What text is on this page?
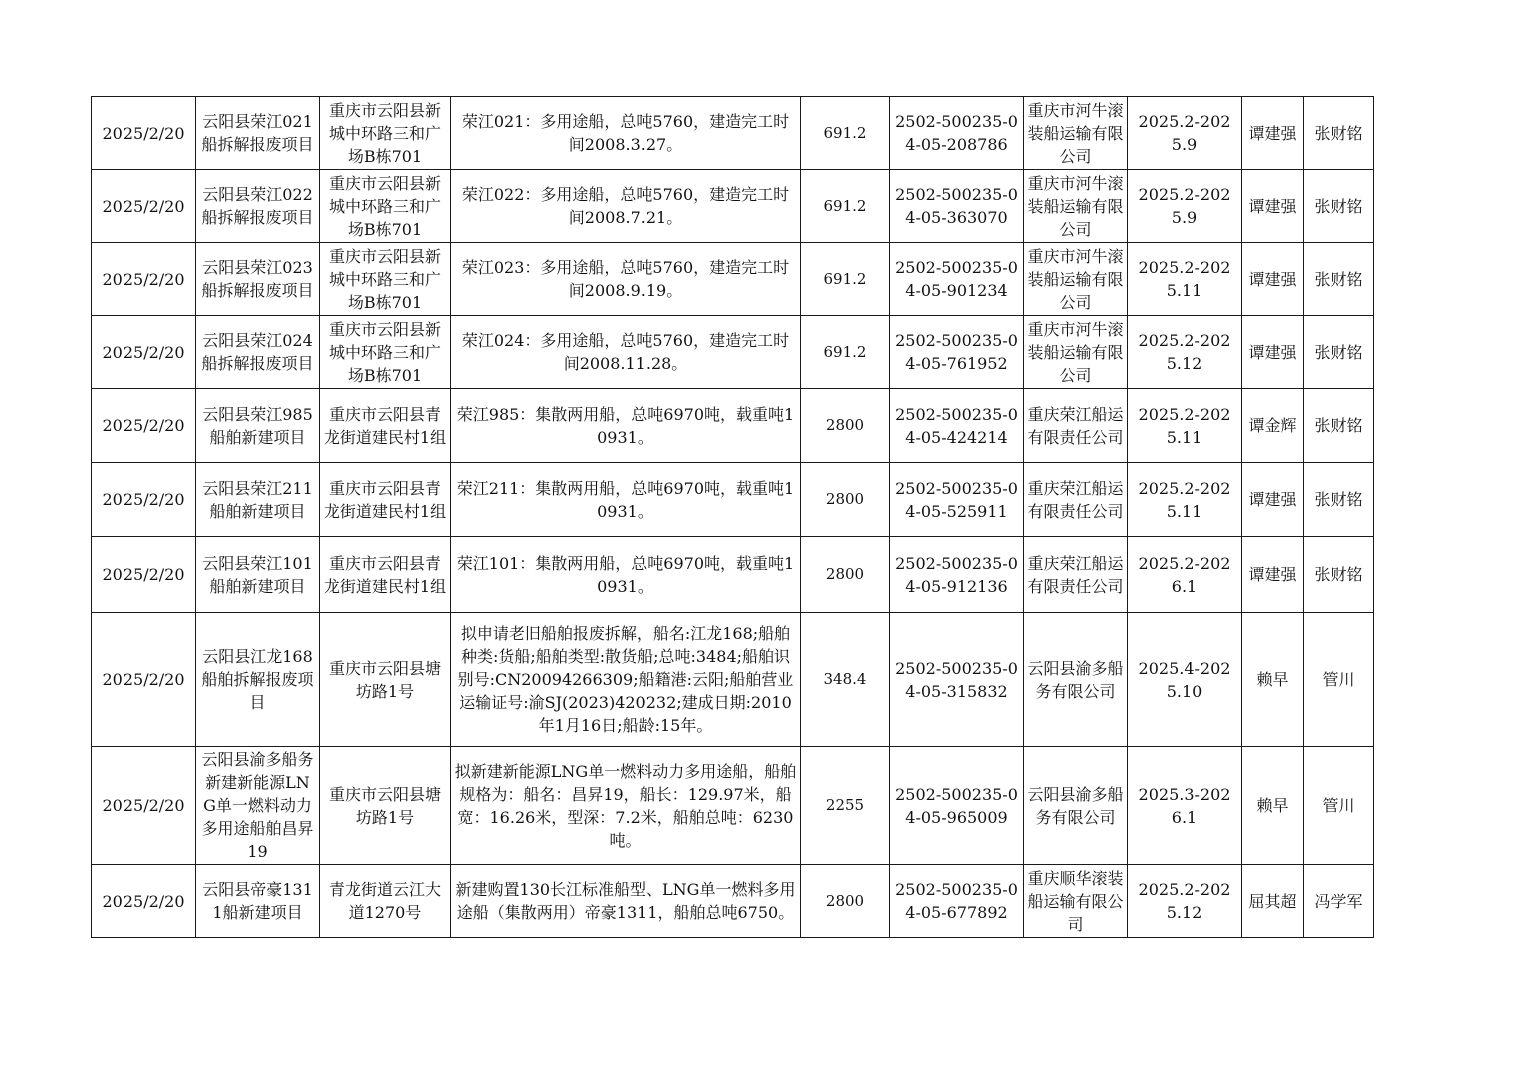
2025/2/20	云阳县荣江021船拆解报废项目	重庆市云阳县新城中环路三和广场B栋701	荣江021：多用途船，总吨5760，建造完工时间2008.3.27。	691.2	2502-500235-04-05-208786	重庆市河牛滚装船运输有限公司	2025.2-2025.9	谭建强	张财铭
2025/2/20	云阳县荣江022船拆解报废项目	重庆市云阳县新城中环路三和广场B栋701	荣江022：多用途船，总吨5760，建造完工时间2008.7.21。	691.2	2502-500235-04-05-363070	重庆市河牛滚装船运输有限公司	2025.2-2025.9	谭建强	张财铭
2025/2/20	云阳县荣江023船拆解报废项目	重庆市云阳县新城中环路三和广场B栋701	荣江023：多用途船，总吨5760，建造完工时间2008.9.19。	691.2	2502-500235-04-05-901234	重庆市河牛滚装船运输有限公司	2025.2-2025.11	谭建强	张财铭
2025/2/20	云阳县荣江024船拆解报废项目	重庆市云阳县新城中环路三和广场B栋701	荣江024：多用途船，总吨5760，建造完工时间2008.11.28。	691.2	2502-500235-04-05-761952	重庆市河牛滚装船运输有限公司	2025.2-2025.12	谭建强	张财铭
2025/2/20	云阳县荣江985船舶新建项目	重庆市云阳县青龙街道建民村1组	荣江985：集散两用船，总吨6970吨，载重吨10931。	2800	2502-500235-04-05-424214	重庆荣江船运有限责任公司	2025.2-2025.11	谭金辉	张财铭
2025/2/20	云阳县荣江211船舶新建项目	重庆市云阳县青龙街道建民村1组	荣江211：集散两用船，总吨6970吨，载重吨10931。	2800	2502-500235-04-05-525911	重庆荣江船运有限责任公司	2025.2-2025.11	谭建强	张财铭
2025/2/20	云阳县荣江101船舶新建项目	重庆市云阳县青龙街道建民村1组	荣江101：集散两用船，总吨6970吨，载重吨10931。	2800	2502-500235-04-05-912136	重庆荣江船运有限责任公司	2025.2-2026.1	谭建强	张财铭
2025/2/20	云阳县江龙168船舶拆解报废项目	重庆市云阳县塘坊路1号	拟申请老旧船舶报废拆解，船名:江龙168;船舶种类:货船;船舶类型:散货船;总吨:3484;船舶识别号:CN20094266309;船籍港:云阳;船舶营业运输证号:渝SJ(2023)420232;建成日期:2010年1月16日;船龄:15年。	348.4	2502-500235-04-05-315832	云阳县渝多船务有限公司	2025.4-2025.10	赖早	管川
2025/2/20	云阳县渝多船务新建新能源LNG单一燃料动力多用途船舶昌昇19	重庆市云阳县塘坊路1号	拟新建新能源LNG单一燃料动力多用途船，船舶规格为：船名：昌昇19，船长：129.97米，船宽：16.26米，型深：7.2米，船舶总吨：6230吨。	2255	2502-500235-04-05-965009	云阳县渝多船务有限公司	2025.3-2026.1	赖早	管川
2025/2/20	云阳县帝豪1311船新建项目	青龙街道云江大道1270号	新建购置130长江标准船型、LNG单一燃料多用途船（集散两用）帝豪1311，船舶总吨6750。	2800	2502-500235-04-05-677892	重庆顺华滚装船运输有限公司	2025.2-2025.12	屈其超	冯学军
